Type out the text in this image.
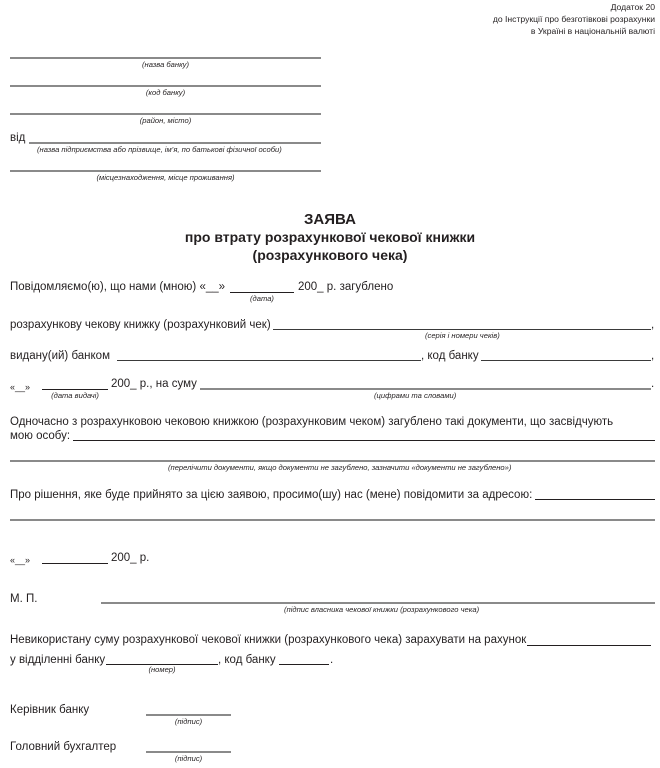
Додаток 20
до Інструкції про безготівкові розрахунки
в Україні в національній валюті
(назва банку)
(код банку)
(район, місто)
від
(назва підприємства або прізвище, ім’я, по батькові фізичної особи)
(місцезнаходження, місце проживання)
ЗАЯВА
про втрату розрахункової чекової книжки
(розрахункового чека)
Повідомляємо(ю), що нами (мною) «__»	200_ р. загублено
(дата)
розрахункову чекову книжку (розрахунковий чек)	,
(серія і номери чеків)
видану(ий) банком	, код банку	,
«__»	200_ р., на суму
(дата видачі)
.
(цифрами та словами)
Одночасно з розрахунковою чековою книжкою (розрахунковим чеком) загублено такі документи, що засвідчують
мою особу:
(перелічити документи, якщо документи не загублено, зазначити «документи не загублено»)
Про рішення, яке буде прийнято за цією заявою, просимо(шу) нас (мене) повідомити за адресою:
«__»	200_ р.
М. П.
(підпис власника чекової книжки (розрахункового чека)
Невикористану суму розрахункової чекової книжки (розрахункового чека) зарахувати на рахунок
у відділенні банку
(номер)
, код банку	.
Керівник банку
(підпис)
Головний бухгалтер
(підпис)
